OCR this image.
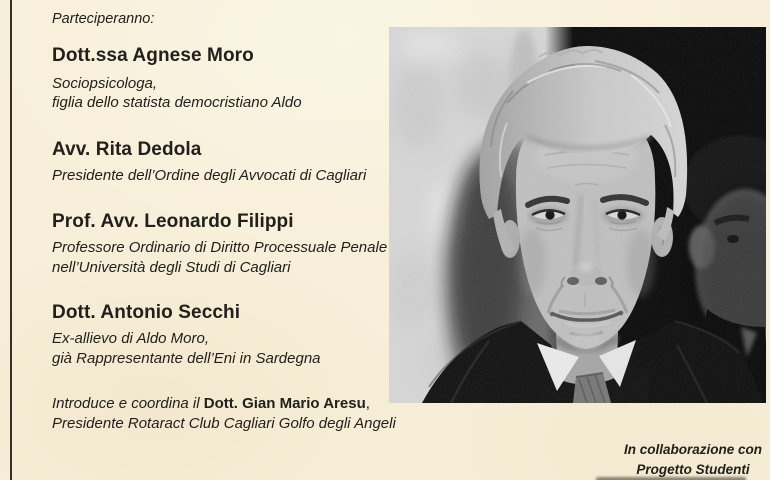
Parteciperanno:
Dott.ssa Agnese Moro
Sociopsicologa,
figlia dello statista democristiano Aldo
Avv. Rita Dedola
Presidente dell’Ordine degli Avvocati di Cagliari
Prof. Avv. Leonardo Filippi
Professore Ordinario di Diritto Processuale Penale
nell’Università degli Studi di Cagliari
Dott. Antonio Secchi
Ex-allievo di Aldo Moro,
già Rappresentante dell’Eni in Sardegna
Introduce e coordina il Dott. Gian Mario Aresu,
Presidente Rotaract Club Cagliari Golfo degli Angeli
In collaborazione con
Progetto Studenti
